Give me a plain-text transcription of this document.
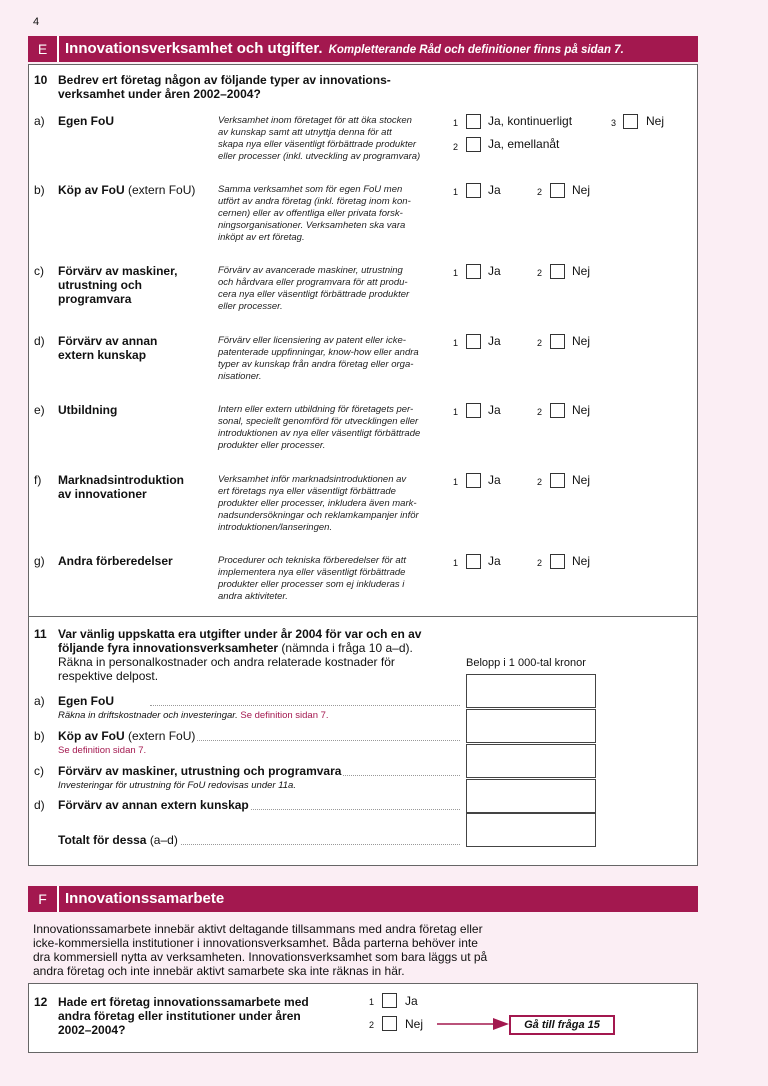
4
E	Innovationsverksamhet och utgifter. Kompletterande Råd och definitioner finns på sidan 7.
10 Bedrev ert företag någon av följande typer av innovations-
verksamhet under åren 2002–2004?
a) Egen FoU	Verksamhet inom företaget för att öka stocken
av kunskap samt att utnyttja denna för att
skapa nya eller väsentligt förbättrade produkter
eller processer (inkl. utveckling av programvara)
1 Ja, kontinuerligt
2 Ja, emellanåt
3 Nej
b) Köp av FoU (extern FoU)	Samma verksamhet som för egen FoU men
utfört av andra företag (inkl. företag inom kon-
cernen) eller av offentliga eller privata forsk-
ningsorganisationer. Verksamheten ska vara
inköpt av ert företag.
1 Ja	2 Nej
c) Förvärv av maskiner,
utrustning och
programvara
Förvärv av avancerade maskiner, utrustning
och hårdvara eller programvara för att produ-
cera nya eller väsentligt förbättrade produkter
eller processer.
1 Ja	2 Nej
d) Förvärv av annan
extern kunskap
Förvärv eller licensiering av patent eller icke-
patenterade uppfinningar, know-how eller andra
typer av kunskap från andra företag eller orga-
nisationer.
1 Ja	2 Nej
e) Utbildning	Intern eller extern utbildning för företagets per-
sonal, speciellt genomförd för utvecklingen eller
introduktionen av nya eller väsentligt förbättrade
produkter eller processer.
1 Ja	2 Nej
f) Marknadsintroduktion
av innovationer
Verksamhet inför marknadsintroduktionen av
ert företags nya eller väsentligt förbättrade
produkter eller processer, inkludera även mark-
nadsundersökningar och reklamkampanjer inför
introduktionen/lanseringen.
1 Ja	2 Nej
g) Andra förberedelser	Procedurer och tekniska förberedelser för att
implementera nya eller väsentligt förbättrade
produkter eller processer som ej inkluderas i
andra aktiviteter.
1 Ja	2 Nej
11 Var vänlig uppskatta era utgifter under år 2004 för var och en av
följande fyra innovationsverksamheter (nämnda i fråga 10 a–d).
Räkna in personalkostnader och andra relaterade kostnader för
respektive delpost.
Belopp i 1 000-tal kronor
a) Egen FoU
Räkna in driftskostnader och investeringar. Se definition sidan 7.
b) Köp av FoU (extern FoU)
Se definition sidan 7.
c) Förvärv av maskiner, utrustning och programvara
Investeringar för utrustning för FoU redovisas under 11a.
d) Förvärv av annan extern kunskap
Totalt för dessa (a–d)
F	Innovationssamarbete
Innovationssamarbete innebär aktivt deltagande tillsammans med andra företag eller
icke-kommersiella institutioner i innovationsverksamhet. Båda parterna behöver inte
dra kommersiell nytta av verksamheten. Innovationsverksamhet som bara läggs ut på
andra företag och inte innebär aktivt samarbete ska inte räknas in här.
12 Hade ert företag innovationssamarbete med
andra företag eller institutioner under åren
2002–2004?
1	Ja
2	Nej	Gå till fråga 15
